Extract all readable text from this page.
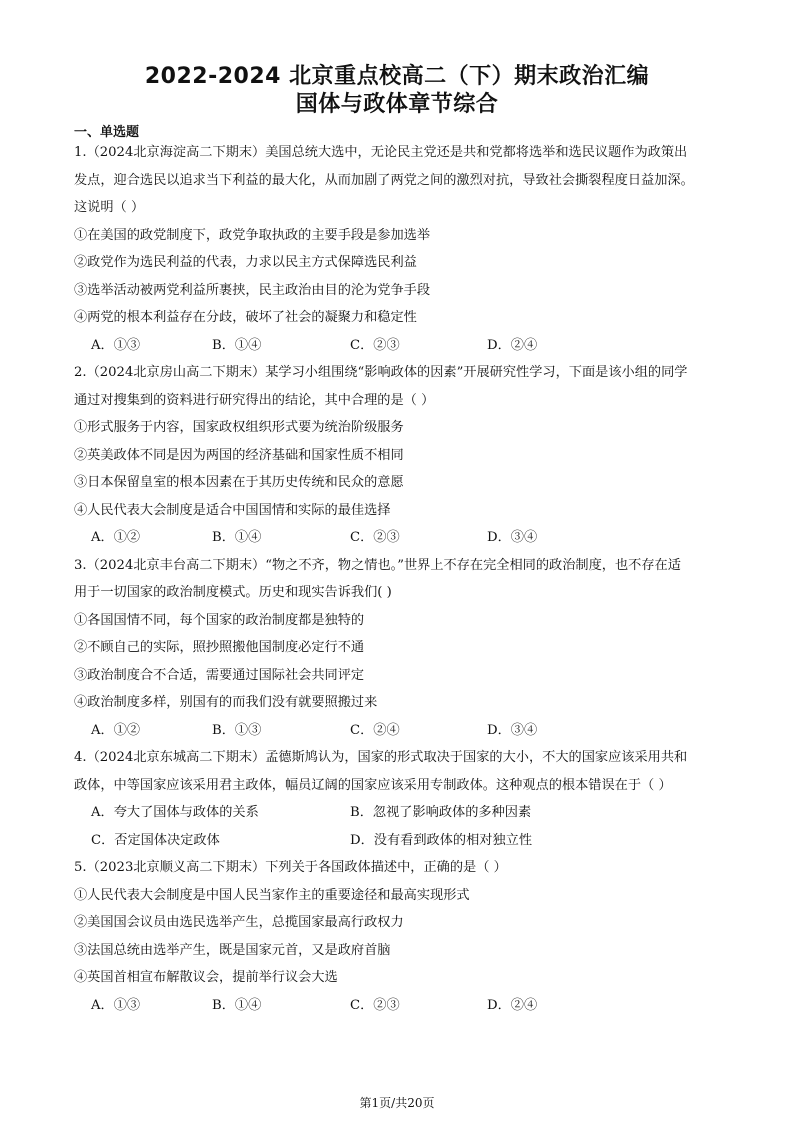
2022-2024 北京重点校高二（下）期末政治汇编
国体与政体章节综合
一、单选题
1.（2024北京海淀高二下期末）美国总统大选中，无论民主党还是共和党都将选举和选民议题作为政策出
发点，迎合选民以追求当下利益的最大化，从而加剧了两党之间的激烈对抗，导致社会撕裂程度日益加深。
这说明（ ）
①在美国的政党制度下，政党争取执政的主要手段是参加选举
②政党作为选民利益的代表，力求以民主方式保障选民利益
③选举活动被两党利益所裹挟，民主政治由目的沦为党争手段
④两党的根本利益存在分歧，破坏了社会的凝聚力和稳定性
A．①③	B．①④	C．②③	D．②④
2.（2024北京房山高二下期末）某学习小组围绕“影响政体的因素”开展研究性学习，下面是该小组的同学
通过对搜集到的资料进行研究得出的结论，其中合理的是（ ）
①形式服务于内容，国家政权组织形式要为统治阶级服务
②英美政体不同是因为两国的经济基础和国家性质不相同
③日本保留皇室的根本因素在于其历史传统和民众的意愿
④人民代表大会制度是适合中国国情和实际的最佳选择
A．①②	B．①④	C．②③	D．③④
3.（2024北京丰台高二下期末）“物之不齐，物之情也。”世界上不存在完全相同的政治制度，也不存在适
用于一切国家的政治制度模式。历史和现实告诉我们( )
①各国国情不同，每个国家的政治制度都是独特的
②不顾自己的实际，照抄照搬他国制度必定行不通
③政治制度合不合适，需要通过国际社会共同评定
④政治制度多样，别国有的而我们没有就要照搬过来
A．①②	B．①③	C．②④	D．③④
4.（2024北京东城高二下期末）孟德斯鸠认为，国家的形式取决于国家的大小，不大的国家应该采用共和
政体，中等国家应该采用君主政体，幅员辽阔的国家应该采用专制政体。这种观点的根本错误在于（ ）
A．夸大了国体与政体的关系	B．忽视了影响政体的多种因素
C．否定国体决定政体	D．没有看到政体的相对独立性
5.（2023北京顺义高二下期末）下列关于各国政体描述中，正确的是（ ）
①人民代表大会制度是中国人民当家作主的重要途径和最高实现形式
②美国国会议员由选民选举产生，总揽国家最高行政权力
③法国总统由选举产生，既是国家元首，又是政府首脑
④英国首相宣布解散议会，提前举行议会大选
A．①③	B．①④	C．②③	D．②④
第1页/共20页
